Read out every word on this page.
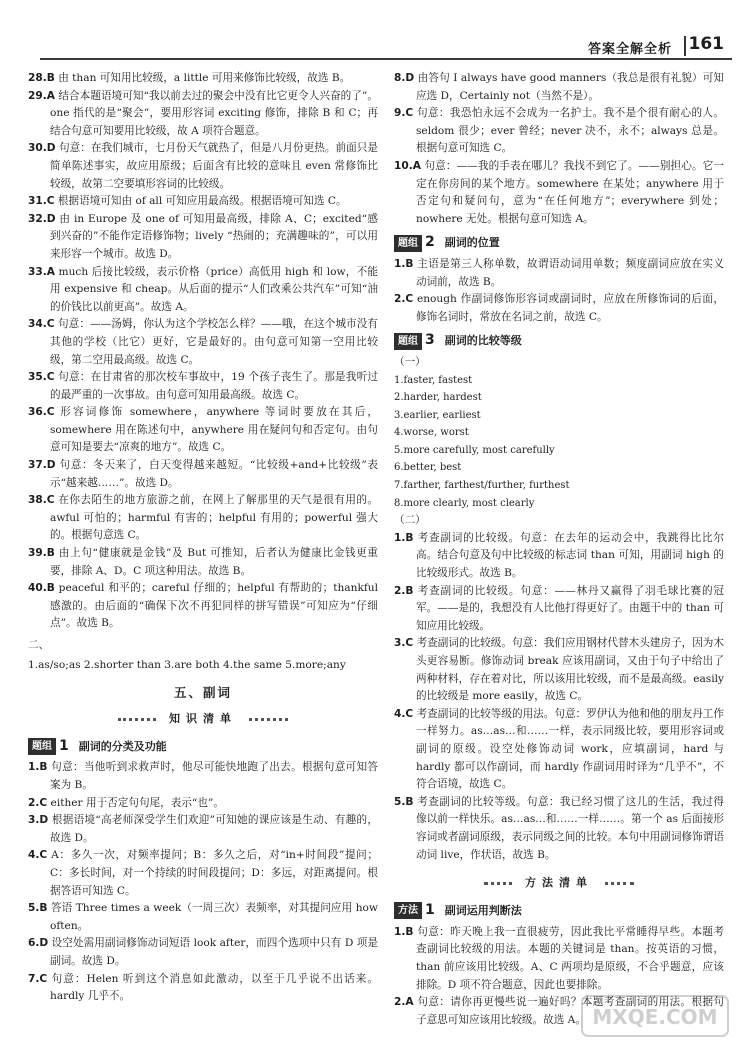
答案全解全析 161

28.B 由 than 可知用比较级，a little 可用来修饰比较级，故选 B。

29.A 结合本题语境可知“我以前去过的聚会中没有比它更令人兴奋的了”。one 指代的是“聚会”，要用形容词 exciting 修饰，排除 B 和 C；再结合句意可知要用比较级，故 A 项符合题意。

30.D 句意：在我们城市，七月份天气就热了，但是八月份更热。前面只是简单陈述事实，故应用原级；后面含有比较的意味且 even 常修饰比较级，故第二空要填形容词的比较级。

31.C 根据语境可知由 of all 可知应用最高级。根据语境可知选 C。

32.D 由 in Europe 及 one of 可知用最高级，排除 A、C；excited“感到兴奋的”不能作定语修饰物；lively “热闹的；充满趣味的”，可以用来形容一个城市。故选 D。

33.A much 后接比较级，表示价格（price）高低用 high 和 low，不能用 expensive 和 cheap。从后面的提示“人们改乘公共汽车”可知“油的价钱比以前更高”。故选 A。

34.C 句意：——汤姆，你认为这个学校怎么样？——哦，在这个城市没有其他的学校（比它）更好，它是最好的。由句意可知第一空用比较级，第二空用最高级。故选 C。

35.C 句意：在甘肃省的那次校车事故中，19 个孩子丧生了。那是我听过的最严重的一次事故。由句意可知用最高级。故选 C。

36.C 形容词修饰 somewhere，anywhere 等词时要放在其后，somewhere 用在陈述句中，anywhere 用在疑问句和否定句。由句意可知是要去“凉爽的地方”。故选 C。

37.D 句意：冬天来了，白天变得越来越短。“比较级+and+比较级”表示“越来越……”。故选 D。

38.C 在你去陌生的地方旅游之前，在网上了解那里的天气是很有用的。awful 可怕的；harmful 有害的；helpful 有用的；powerful 强大的。根据句意选 C。

39.B 由上句“健康就是金钱”及 But 可推知，后者认为健康比金钱更重要，排除 A、D。C 项这种用法。故选 B。

40.B peaceful 和平的；careful 仔细的；helpful 有帮助的；thankful 感激的。由后面的“确保下次不再犯同样的拼写错误”可知应为“仔细点”。故选 B。

二、

1.as/so;as 2.shorter than 3.are both 4.the same 5.more;any

五、副词
知识清单
题组 1 副词的分类及功能

1.B 句意：当他听到求救声时，他尽可能快地跑了出去。根据句意可知答案为 B。

2.C either 用于否定句句尾，表示“也”。

3.D 根据语境“高老师深受学生们欢迎”可知她的课应该是生动、有趣的，故选 D。

4.C A：多久一次，对频率提问；B：多久之后，对“in+时间段”提问；C：多长时间，对一个持续的时间段提问；D：多远，对距离提问。根据答语可知选 C。

5.B 答语 Three times a week（一周三次）表频率，对其提问应用 how often。

6.D 设空处需用副词修饰动词短语 look after，而四个选项中只有 D 项是副词。故选 D。

7.C 句意：Helen 听到这个消息如此激动，以至于几乎说不出话来。hardly 几乎不。

8.D 由答句 I always have good manners（我总是很有礼貌）可知应选 D，Certainly not（当然不是）。

9.C 句意：我恐怕永远不会成为一名护士。我不是个很有耐心的人。seldom 很少；ever 曾经；never 决不，永不；always 总是。根据句意可知选 C。

10.A 句意：——我的手表在哪儿？我找不到它了。——别担心。它一定在你房间的某个地方。somewhere 在某处；anywhere 用于否定句和疑问句，意为“在任何地方”；everywhere 到处；nowhere 无处。根据句意可知选 A。

题组 2 副词的位置

1.B 主语是第三人称单数，故谓语动词用单数；频度副词应放在实义动词前，故选 B。

2.C enough 作副词修饰形容词或副词时，应放在所修饰词的后面，修饰名词时，常放在名词之前，故选 C。

题组 3 副词的比较等级

（一）

1.faster, fastest

2.harder, hardest

3.earlier, earliest

4.worse, worst

5.more carefully, most carefully

6.better, best

7.farther, farthest/further, furthest

8.more clearly, most clearly

（二）

1.B 考查副词的比较级。句意：在去年的运动会中，我跳得比比尔高。结合句意及句中比较级的标志词 than 可知，用副词 high 的比较级形式。故选 B。

2.B 考查副词的比较级。句意：——林丹又赢得了羽毛球比赛的冠军。——是的，我想没有人比他打得更好了。由题干中的 than 可知应用比较级。

3.C 考查副词的比较级。句意：我们应用钢材代替木头建房子，因为木头更容易断。修饰动词 break 应该用副词，又由于句子中给出了两种材料，存在着对比，所以该用比较级，而不是最高级。easily 的比较级是 more easily，故选 C。

4.C 考查副词的比较等级的用法。句意：罗伊认为他和他的朋友丹工作一样努力。as…as…和……一样，表示同级比较，要用形容词或副词的原级。设空处修饰动词 work，应填副词，hard 与 hardly 都可以作副词，而 hardly 作副词用时译为“几乎不”，不符合语境，故选 C。

5.B 考查副词的比较等级。句意：我已经习惯了这儿的生活，我过得像以前一样快乐。as…as…和……一样……。第一个 as 后面接形容词或者副词原级，表示同级之间的比较。本句中用副词修饰谓语动词 live，作状语，故选 B。

方法清单
方法 1 副词运用判断法

1.B 句意：昨天晚上我一直很疲劳，因此我比平常睡得早些。本题考查副词比较级的用法。本题的关键词是 than。按英语的习惯，than 前应该用比较级。A、C 两项均是原级，不合乎题意，应该排除。D 项不符合题意，因此也要排除。

2.A 句意：请你再更慢些说一遍好吗？本题考查副词的用法。根据句子意思可知应该用比较级。故选 A。 MXQE.COM
